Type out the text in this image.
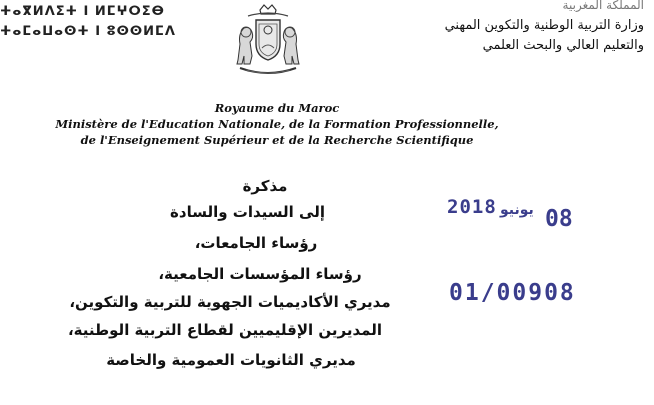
ⵜⴰⴳⵍⴷⵉⵜ ⵏ ⵍⵎⵖⵔⵉⴱ
ⵜⴰⵎⴰⵡⴰⵙⵜ ⵏ ⵓⵙⵙⵍⵎⴷ
المملكة المغربية
وزارة التربية الوطنية والتكوين المهني
والتعليم العالي والبحث العلمي
Royaume du Maroc
Ministère de l'Education Nationale, de la Formation Professionnelle,
de l'Enseignement Supérieur et de la Recherche Scientifique
مذكرة
إلى السيدات والسادة
رؤساء الجامعات،
رؤساء المؤسسات الجامعية،
مديري الأكاديميات الجهوية للتربية والتكوين،
المديرين الإقليميين لقطاع التربية الوطنية،
مديري الثانويات العمومية والخاصة
2018 يونيو 08
01/00908
